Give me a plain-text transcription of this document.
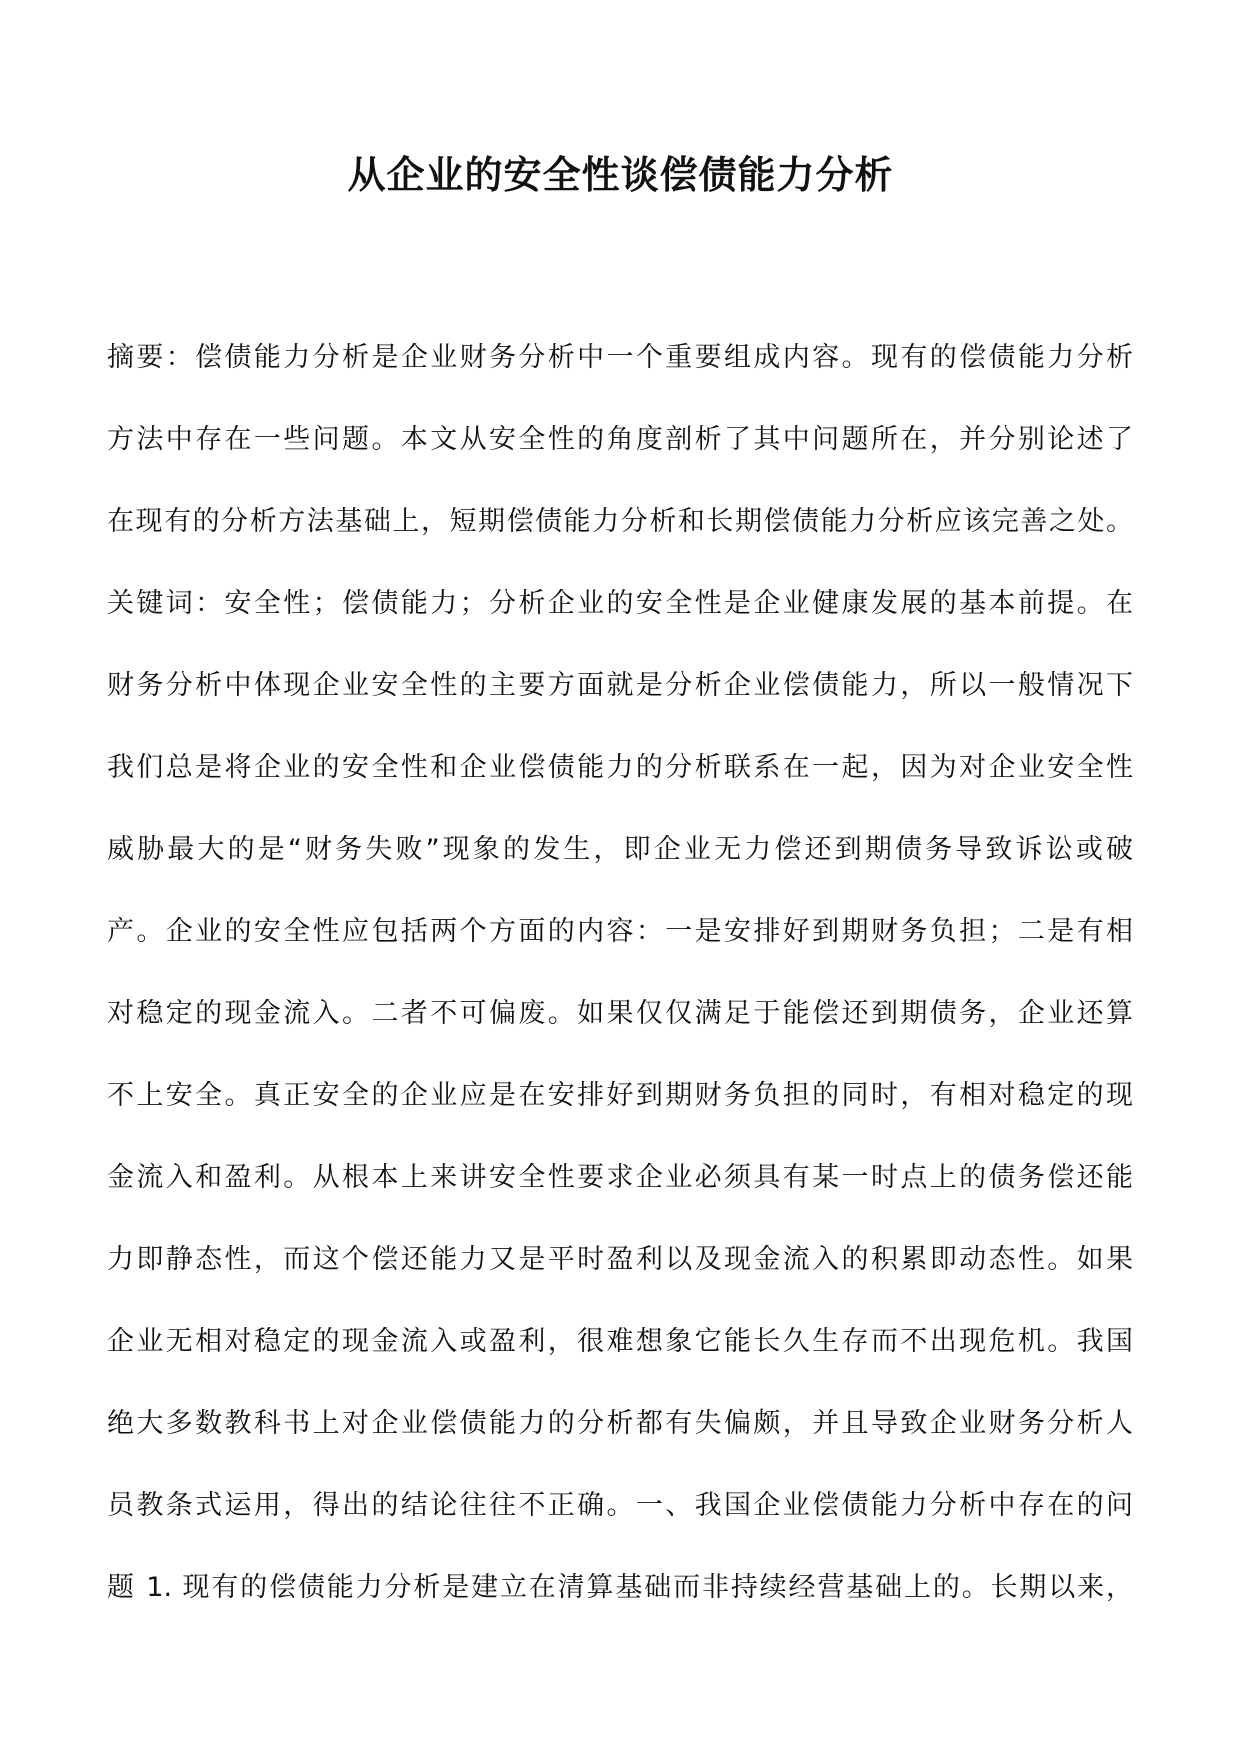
从企业的安全性谈偿债能力分析
摘要：偿债能力分析是企业财务分析中一个重要组成内容。现有的偿债能力分析
方法中存在一些问题。本文从安全性的角度剖析了其中问题所在，并分别论述了
在现有的分析方法基础上，短期偿债能力分析和长期偿债能力分析应该完善之处。
关键词：安全性；偿债能力；分析企业的安全性是企业健康发展的基本前提。在
财务分析中体现企业安全性的主要方面就是分析企业偿债能力，所以一般情况下
我们总是将企业的安全性和企业偿债能力的分析联系在一起，因为对企业安全性
威胁最大的是“财务失败”现象的发生，即企业无力偿还到期债务导致诉讼或破
产。企业的安全性应包括两个方面的内容：一是安排好到期财务负担；二是有相
对稳定的现金流入。二者不可偏废。如果仅仅满足于能偿还到期债务，企业还算
不上安全。真正安全的企业应是在安排好到期财务负担的同时，有相对稳定的现
金流入和盈利。从根本上来讲安全性要求企业必须具有某一时点上的债务偿还能
力即静态性，而这个偿还能力又是平时盈利以及现金流入的积累即动态性。如果
企业无相对稳定的现金流入或盈利，很难想象它能长久生存而不出现危机。我国
绝大多数教科书上对企业偿债能力的分析都有失偏颇，并且导致企业财务分析人
员教条式运用，得出的结论往往不正确。一、我国企业偿债能力分析中存在的问
题 1. 现有的偿债能力分析是建立在清算基础而非持续经营基础上的。长期以来，
